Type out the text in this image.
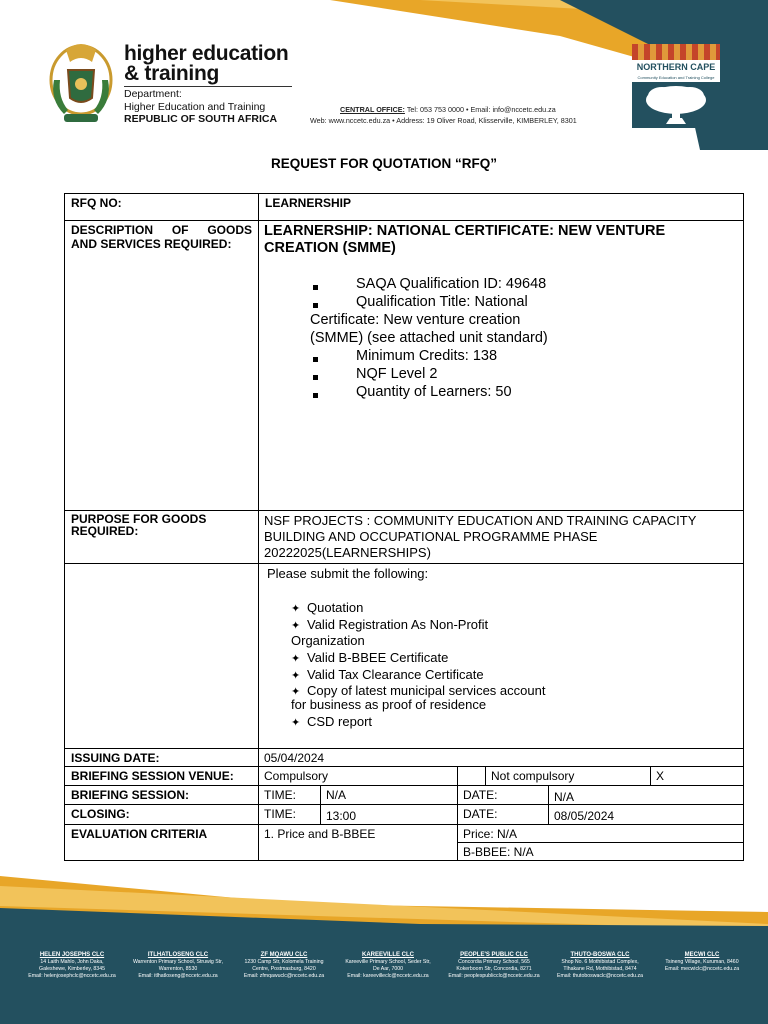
higher education
& training
Department:
Higher Education and Training
REPUBLIC OF SOUTH AFRICA
CENTRAL OFFICE: Tel: 053 753 0000 • Email: info@nccetc.edu.za
Web: www.nccetc.edu.za • Address: 19 Oliver Road, Klisserville, KIMBERLEY, 8301
NORTHERN CAPE
Community Education and Training College
REQUEST FOR QUOTATION “RFQ”
RFQ NO:	LEARNERSHIP
DESCRIPTION OF GOODS
AND SERVICES REQUIRED:
LEARNERSHIP: NATIONAL CERTIFICATE: NEW VENTURE
CREATION (SMME)
SAQA Qualification ID: 49648
Qualification Title: National
Certificate: New venture creation
(SMME) (see attached unit standard)
Minimum Credits: 138
NQF Level 2
Quantity of Learners: 50
PURPOSE FOR GOODS
REQUIRED:
NSF PROJECTS : COMMUNITY EDUCATION AND TRAINING CAPACITY
BUILDING AND OCCUPATIONAL PROGRAMME PHASE
20222025(LEARNERSHIPS)
Please submit the following:
✦ Quotation
✦ Valid Registration As Non-Profit
Organization
✦ Valid B-BBEE Certificate
✦ Valid Tax Clearance Certificate
✦ Copy of latest municipal services account
for business as proof of residence
✦ CSD report
ISSUING DATE:	05/04/2024
BRIEFING SESSION VENUE:	Compulsory	Not compulsory	X
BRIEFING SESSION:	TIME:	N/A	DATE:	N/A
CLOSING:	TIME:	13:00	DATE:	08/05/2024
EVALUATION CRITERIA	1. Price and B-BBEE	Price: N/A
B-BBEE: N/A
HELEN JOSEPHS CLC
14 Laith Mahlo, John Daka,
Galeshewe, Kimberley, 8345
Email: helenjosephclc@nccetc.edu.za
ITLHATLOSENG CLC
Warrenton Primary School, Struwig Str,
Warrenton, 8530
Email: itlhatloseng@nccetc.edu.za
ZF MQAWU CLC
1230 Camp Str, Kolomela Training
Centre, Postmasburg, 8420
Email: zfmqawuclc@nccetc.edu.za
KAREEVILLE CLC
Kareeville Primary School, Seder Str,
De Aar, 7000
Email: kareevilleclc@nccetc.edu.za
PEOPLE'S PUBLIC CLC
Concordia Primary School, 565
Kokerboom Str, Concordia, 8271
Email: peoplespublicclc@nccetc.edu.za
THUTO-BOSWA CLC
Shop No. 6 Mothibistad Complex,
Tlhakane Rd, Mothibistad, 8474
Email: thutoboswaclc@nccetc.edu.za
MECWI CLC
Tsineng Village, Kuruman, 8460
Email: mecwiclc@nccetc.edu.za
